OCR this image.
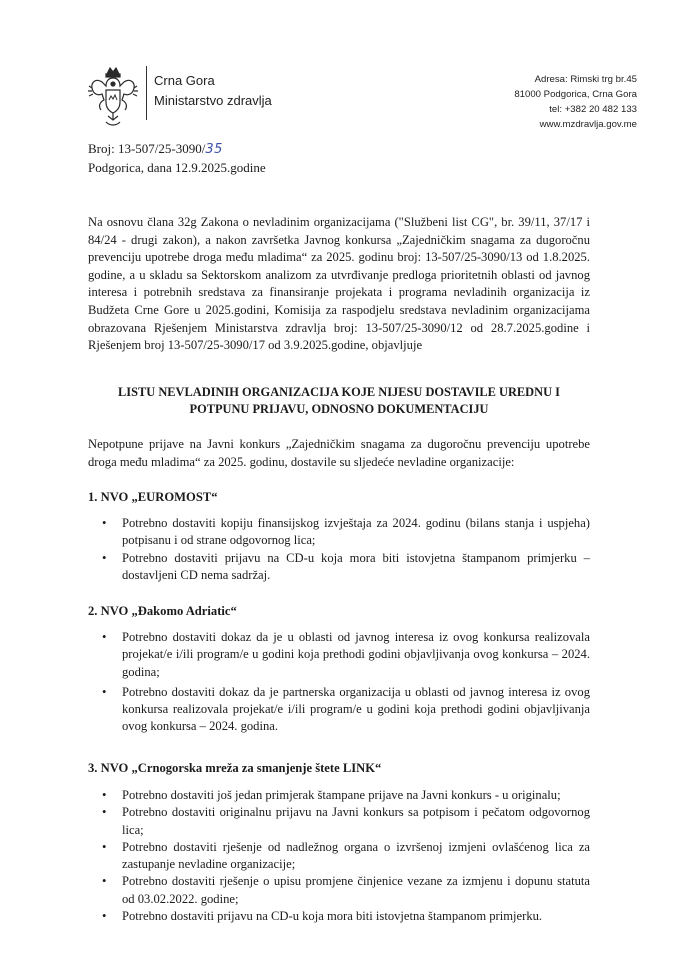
Crna Gora
Ministarstvo zdravlja
Adresa: Rimski trg br.45
81000 Podgorica, Crna Gora
tel: +382 20 482 133
www.mzdravlja.gov.me
Broj: 13-507/25-3090/35
Podgorica, dana 12.9.2025.godine
Na osnovu člana 32g Zakona o nevladinim organizacijama ("Službeni list CG", br. 39/11, 37/17 i 84/24 - drugi zakon), a nakon završetka Javnog konkursa „Zajedničkim snagama za dugoročnu prevenciju upotrebe droga među mladima“ za 2025. godinu broj: 13-507/25-3090/13 od 1.8.2025. godine, a u skladu sa Sektorskom analizom za utvrđivanje predloga prioritetnih oblasti od javnog interesa i potrebnih sredstava za finansiranje projekata i programa nevladinih organizacija iz Budžeta Crne Gore u 2025.godini, Komisija za raspodjelu sredstava nevladinim organizacijama obrazovana Rješenjem Ministarstva zdravlja broj: 13-507/25-3090/12 od 28.7.2025.godine i Rješenjem broj 13-507/25-3090/17 od 3.9.2025.godine, objavljuje
LISTU NEVLADINIH ORGANIZACIJA KOJE NIJESU DOSTAVILE UREDNU I POTPUNU PRIJAVU, ODNOSNO DOKUMENTACIJU
Nepotpune prijave na Javni konkurs „Zajedničkim snagama za dugoročnu prevenciju upotrebe droga među mladima“ za 2025. godinu, dostavile su sljedeće nevladine organizacije:

1. NVO „EUROMOST“

• Potrebno dostaviti kopiju finansijskog izvještaja za 2024. godinu (bilans stanja i uspjeha) potpisanu i od strane odgovornog lica;
• Potrebno dostaviti prijavu na CD-u koja mora biti istovjetna štampanom primjerku – dostavljeni CD nema sadržaj.

2. NVO „Đakomo Adriatic“

• Potrebno dostaviti dokaz da je u oblasti od javnog interesa iz ovog konkursa realizovala projekat/e i/ili program/e u godini koja prethodi godini objavljivanja ovog konkursa – 2024. godina;
• Potrebno dostaviti dokaz da je partnerska organizacija u oblasti od javnog interesa iz ovog konkursa realizovala projekat/e i/ili program/e u godini koja prethodi godini objavljivanja ovog konkursa – 2024. godina.

3. NVO „Crnogorska mreža za smanjenje štete LINK“

• Potrebno dostaviti još jedan primjerak štampane prijave na Javni konkurs - u originalu;
• Potrebno dostaviti originalnu prijavu na Javni konkurs sa potpisom i pečatom odgovornog lica;
• Potrebno dostaviti rješenje od nadležnog organa o izvršenoj izmjeni ovlašćenog lica za zastupanje nevladine organizacije;
• Potrebno dostaviti rješenje o upisu promjene činjenice vezane za izmjenu i dopunu statuta od 03.02.2022. godine;
• Potrebno dostaviti prijavu na CD-u koja mora biti istovjetna štampanom primjerku.
